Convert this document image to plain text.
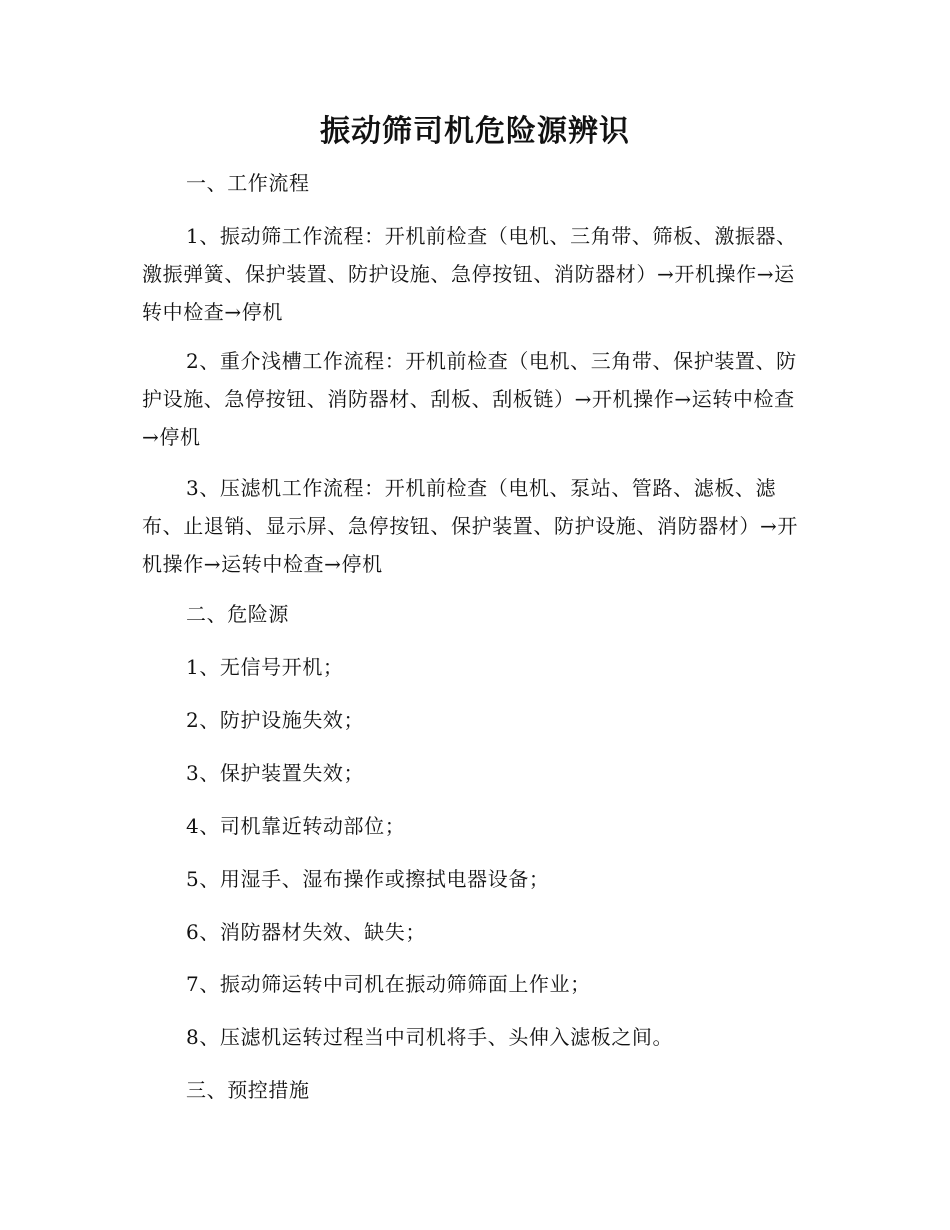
振动筛司机危险源辨识
一、工作流程
1、振动筛工作流程：开机前检查（电机、三角带、筛板、激振器、激振弹簧、保护装置、防护设施、急停按钮、消防器材）→开机操作→运转中检查→停机
2、重介浅槽工作流程：开机前检查（电机、三角带、保护装置、防护设施、急停按钮、消防器材、刮板、刮板链）→开机操作→运转中检查→停机
3、压滤机工作流程：开机前检查（电机、泵站、管路、滤板、滤布、止退销、显示屏、急停按钮、保护装置、防护设施、消防器材）→开机操作→运转中检查→停机
二、危险源
1、无信号开机；
2、防护设施失效；
3、保护装置失效；
4、司机靠近转动部位；
5、用湿手、湿布操作或擦拭电器设备；
6、消防器材失效、缺失；
7、振动筛运转中司机在振动筛筛面上作业；
8、压滤机运转过程当中司机将手、头伸入滤板之间。
三、预控措施
